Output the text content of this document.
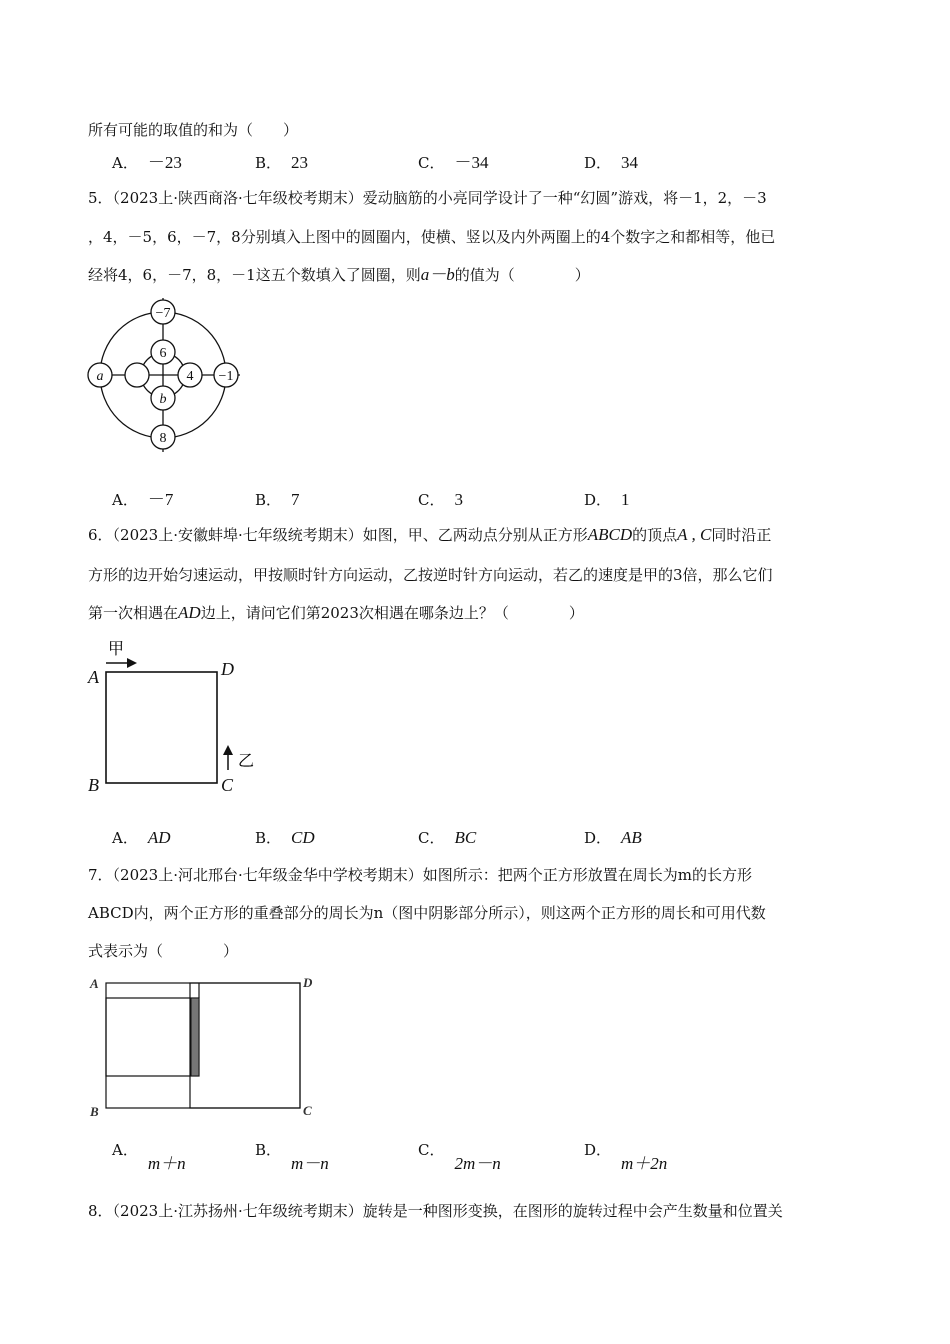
所有可能的取值的和为（　　）
A． －23	B． 23	C． －34	D． 34
5．（2023上·陕西商洛·七年级校考期末）爱动脑筋的小亮同学设计了一种“幻圆”游戏，将－1，2，－3
，4，－5，6，－7，8分别填入上图中的圆圈内，使横、竖以及内外两圈上的4个数字之和都相等，他已
经将4，6，－7，8，－1这五个数填入了圆圈，则a－b的值为（　　　　）
−7
6
a	4 −1
b
8
A． －7	B． 7	C． 3	D． 1
6．（2023上·安徽蚌埠·七年级统考期末）如图，甲、乙两动点分别从正方形ABCD的顶点A , C同时沿正
方形的边开始匀速运动，甲按顺时针方向运动，乙按逆时针方向运动，若乙的速度是甲的3倍，那么它们
第一次相遇在AD边上，请问它们第2023次相遇在哪条边上？（　　　　）
A	D
B	C
甲
乙
A． AD	B． CD	C． BC	D． AB
7．（2023上·河北邢台·七年级金华中学校考期末）如图所示：把两个正方形放置在周长为m的长方形
ABCD内，两个正方形的重叠部分的周长为n（图中阴影部分所示），则这两个正方形的周长和可用代数
式表示为（　　　　）
A	D
B	C
A．m＋n
B．m－n
C．2m－n
D．m＋2n
8．（2023上·江苏扬州·七年级统考期末）旋转是一种图形变换，在图形的旋转过程中会产生数量和位置关
